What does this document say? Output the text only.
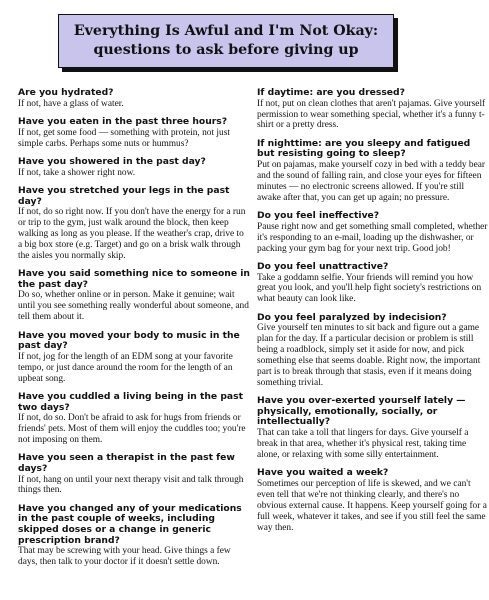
Everything Is Awful and I'm Not Okay:
questions to ask before giving up

Are you hydrated?

If not, have a glass of water.

Have you eaten in the past three hours?

If not, get some food — something with protein, not just simple carbs. Perhaps some nuts or hummus?

Have you showered in the past day?

If not, take a shower right now.

Have you stretched your legs in the past day?

If not, do so right now. If you don't have the energy for a run or trip to the gym, just walk around the block, then keep walking as long as you please. If the weather's crap, drive to a big box store (e.g. Target) and go on a brisk walk through the aisles you normally skip.

Have you said something nice to someone in the past day?

Do so, whether online or in person. Make it genuine; wait until you see something really wonderful about someone, and tell them about it.

Have you moved your body to music in the past day?

If not, jog for the length of an EDM song at your favorite tempo, or just dance around the room for the length of an upbeat song.

Have you cuddled a living being in the past two days?

If not, do so. Don't be afraid to ask for hugs from friends or friends' pets. Most of them will enjoy the cuddles too; you're not imposing on them.

Have you seen a therapist in the past few days?

If not, hang on until your next therapy visit and talk through things then.

Have you changed any of your medications in the past couple of weeks, including skipped doses or a change in generic prescription brand?

That may be screwing with your head. Give things a few days, then talk to your doctor if it doesn't settle down.

If daytime: are you dressed?

If not, put on clean clothes that aren't pajamas. Give yourself permission to wear something special, whether it's a funny t-shirt or a pretty dress.

If nighttime: are you sleepy and fatigued but resisting going to sleep?

Put on pajamas, make yourself cozy in bed with a teddy bear and the sound of falling rain, and close your eyes for fifteen minutes — no electronic screens allowed. If you're still awake after that, you can get up again; no pressure.

Do you feel ineffective?

Pause right now and get something small completed, whether it's responding to an e-mail, loading up the dishwasher, or packing your gym bag for your next trip. Good job!

Do you feel unattractive?

Take a goddamn selfie. Your friends will remind you how great you look, and you'll help fight society's restrictions on what beauty can look like.

Do you feel paralyzed by indecision?

Give yourself ten minutes to sit back and figure out a game plan for the day. If a particular decision or problem is still being a roadblock, simply set it aside for now, and pick something else that seems doable. Right now, the important part is to break through that stasis, even if it means doing something trivial.

Have you over-exerted yourself lately — physically, emotionally, socially, or intellectually?

That can take a toll that lingers for days. Give yourself a break in that area, whether it's physical rest, taking time alone, or relaxing with some silly entertainment.

Have you waited a week?

Sometimes our perception of life is skewed, and we can't even tell that we're not thinking clearly, and there's no obvious external cause. It happens. Keep yourself going for a full week, whatever it takes, and see if you still feel the same way then.
